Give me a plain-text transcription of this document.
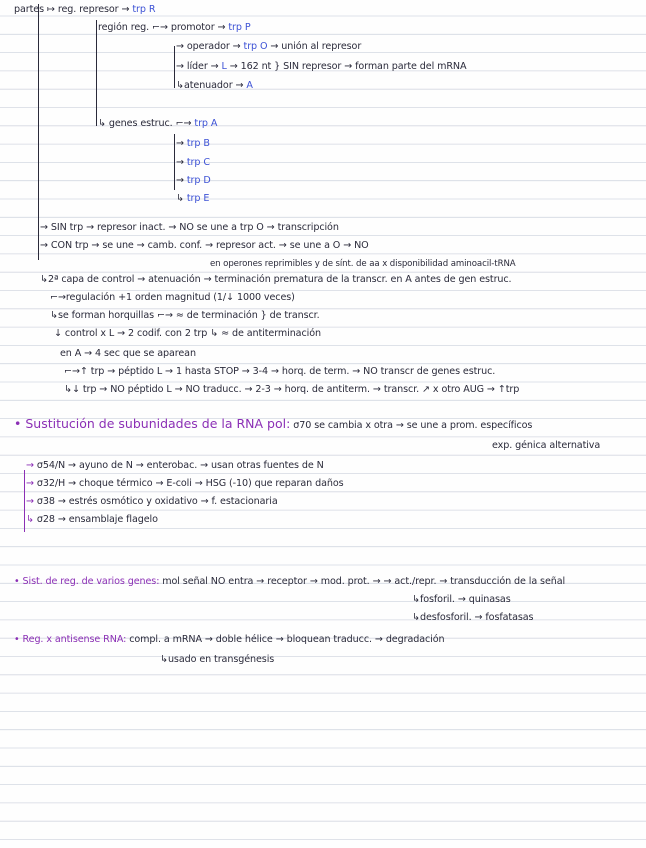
partes ↦ reg. represor → trp R
región reg. ⌐→ promotor → trp P
→ operador → trp O → unión al represor
→ líder → L → 162 nt } SIN represor → forman parte del mRNA
↳atenuador → A
↳ genes estruc. ⌐→ trp A
→ trp B
→ trp C
→ trp D
↳ trp E
→ SIN trp → represor inact. → NO se une a trp O → transcripción
→ CON trp → se une → camb. conf. → represor act. → se une a O → NO
en operones reprimibles y de sínt. de aa x disponibilidad aminoacil-tRNA
↳2ª capa de control → atenuación → terminación prematura de la transcr. en A antes de gen estruc.
⌐→regulación +1 orden magnitud (1/↓ 1000 veces)
↳se forman horquillas ⌐→ ≈ de terminación } de transcr.
↓ control x L → 2 codif. con 2 trp ↳ ≈ de antiterminación
en A → 4 sec que se aparean
⌐→↑ trp → péptido L → 1 hasta STOP → 3-4 → horq. de term. → NO transcr de genes estruc.
↳↓ trp → NO péptido L → NO traducc. → 2-3 → horq. de antiterm. → transcr. ↗ x otro AUG → ↑trp
• Sustitución de subunidades de la RNA pol: σ70 se cambia x otra → se une a prom. específicos
exp. génica alternativa
→ σ54/N → ayuno de N → enterobac. → usan otras fuentes de N
→ σ32/H → choque térmico → E-coli → HSG (-10) que reparan daños
→ σ38 → estrés osmótico y oxidativo → f. estacionaria
↳ σ28 → ensamblaje flagelo
• Sist. de reg. de varios genes: mol señal NO entra → receptor → mod. prot. → → act./repr. → transducción de la señal
↳fosforil. → quinasas
↳desfosforil. → fosfatasas
• Reg. x antisense RNA: compl. a mRNA → doble hélice → bloquean traducc. → degradación
↳usado en transgénesis
